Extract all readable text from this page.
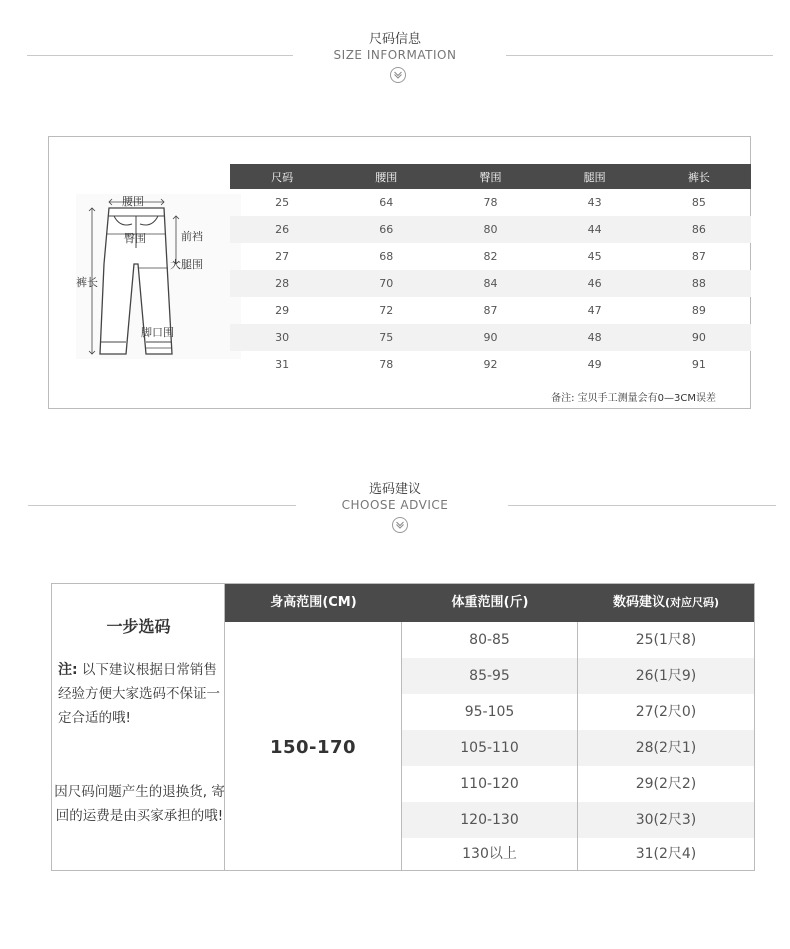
尺码信息
SIZE INFORMATION
腰围
臀围	前裆
大腿围
裤长
脚口围
尺码	腰围	臀围	腿围	裤长
25	64	78	43	85
26	66	80	44	86
27	68	82	45	87
28	70	84	46	88
29	72	87	47	89
30	75	90	48	90
31	78	92	49	91
备注: 宝贝手工测量会有0—3CM误差
选码建议
CHOOSE ADVICE
一步选码
注: 以下建议根据日常销售经验方便大家选码不保证一定合适的哦!
因尺码问题产生的退换货, 寄回的运费是由买家承担的哦!
身高范围(CM)	体重范围(斤)	数码建议(对应尺码)
150-170
80-85	25(1尺8)
85-95	26(1尺9)
95-105	27(2尺0)
105-110	28(2尺1)
110-120	29(2尺2)
120-130	30(2尺3)
130以上	31(2尺4)
